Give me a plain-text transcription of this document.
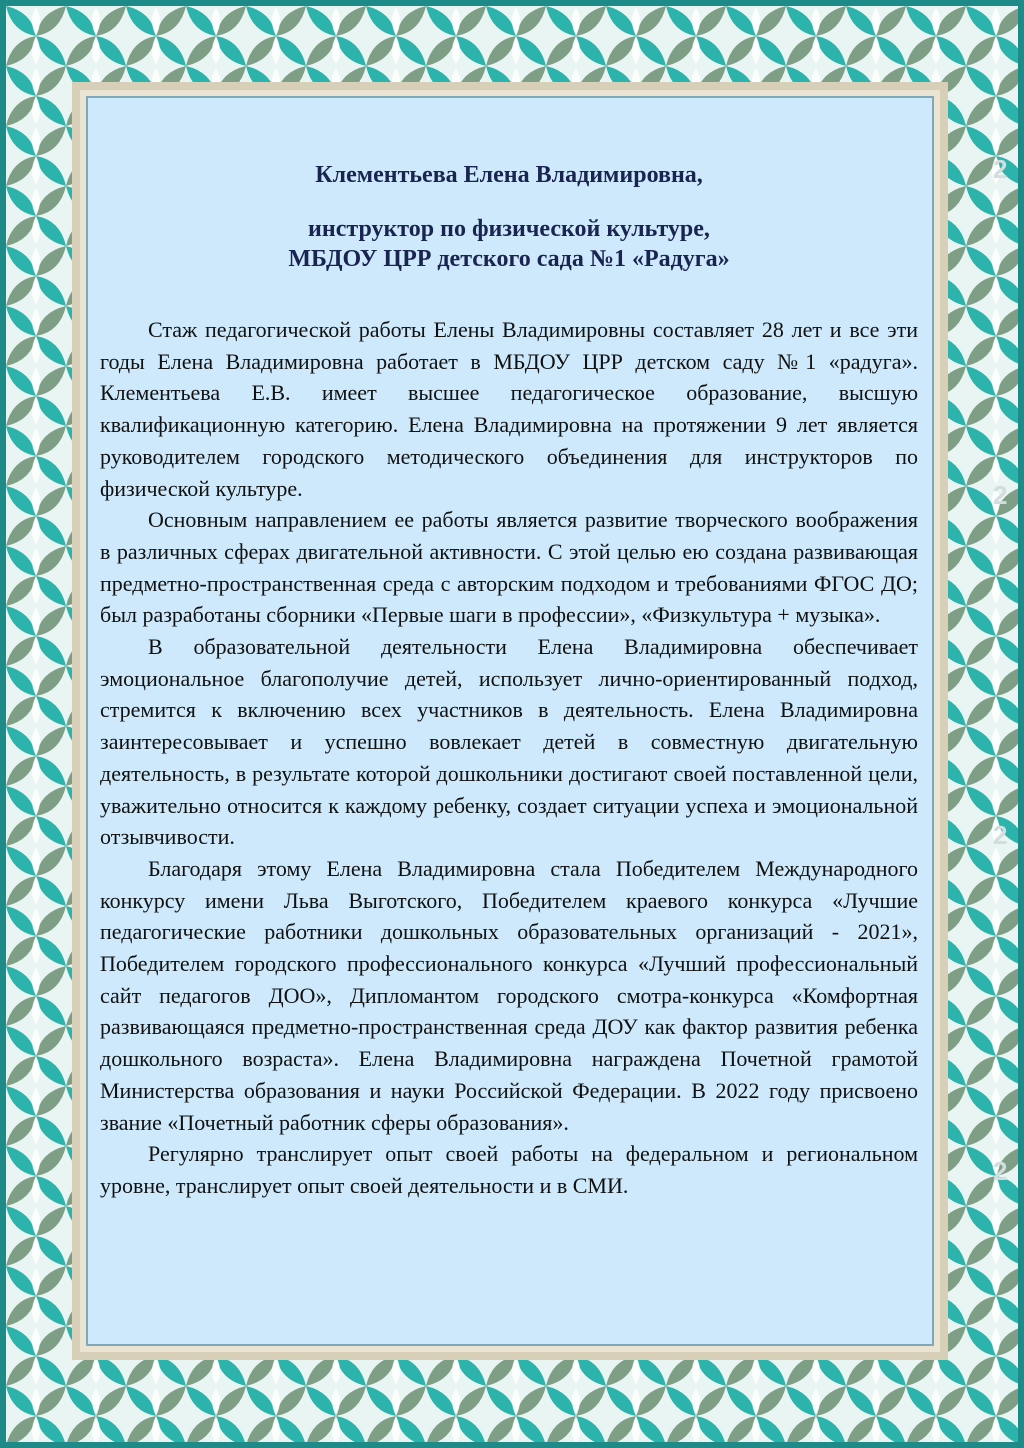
2
2
2
2

Клементьева Елена Владимировна,

инструктор по физической культуре,

МБДОУ ЦРР детского сада №1 «Радуга»

Стаж педагогической работы Елены Владимировны составляет 28 лет и все эти годы Елена Владимировна работает в МБДОУ ЦРР детском саду №1 «радуга». Клементьева Е.В. имеет высшее педагогическое образование, высшую квалификационную категорию. Елена Владимировна на протяжении 9 лет является руководителем городского методического объединения для инструкторов по физической культуре.

Основным направлением ее работы является развитие творческого воображения в различных сферах двигательной активности. С этой целью ею создана развивающая предметно-пространственная среда с авторским подходом и требованиями ФГОС ДО; был разработаны сборники «Первые шаги в профессии», «Физкультура + музыка».

В образовательной деятельности Елена Владимировна обеспечивает эмоциональное благополучие детей, использует лично-ориентированный подход, стремится к включению всех участников в деятельность. Елена Владимировна заинтересовывает и успешно вовлекает детей в совместную двигательную деятельность, в результате которой дошкольники достигают своей поставленной цели, уважительно относится к каждому ребенку, создает ситуации успеха и эмоциональной отзывчивости.

Благодаря этому Елена Владимировна стала Победителем Международного конкурсу имени Льва Выготского, Победителем краевого конкурса «Лучшие педагогические работники дошкольных образовательных организаций - 2021», Победителем городского профессионального конкурса «Лучший профессиональный сайт педагогов ДОО», Дипломантом городского смотра-конкурса «Комфортная развивающаяся предметно-пространственная среда ДОУ как фактор развития ребенка дошкольного возраста». Елена Владимировна награждена Почетной грамотой Министерства образования и науки Российской Федерации. В 2022 году присвоено звание «Почетный работник сферы образования».

Регулярно транслирует опыт своей работы на федеральном и региональном уровне, транслирует опыт своей деятельности и в СМИ.
